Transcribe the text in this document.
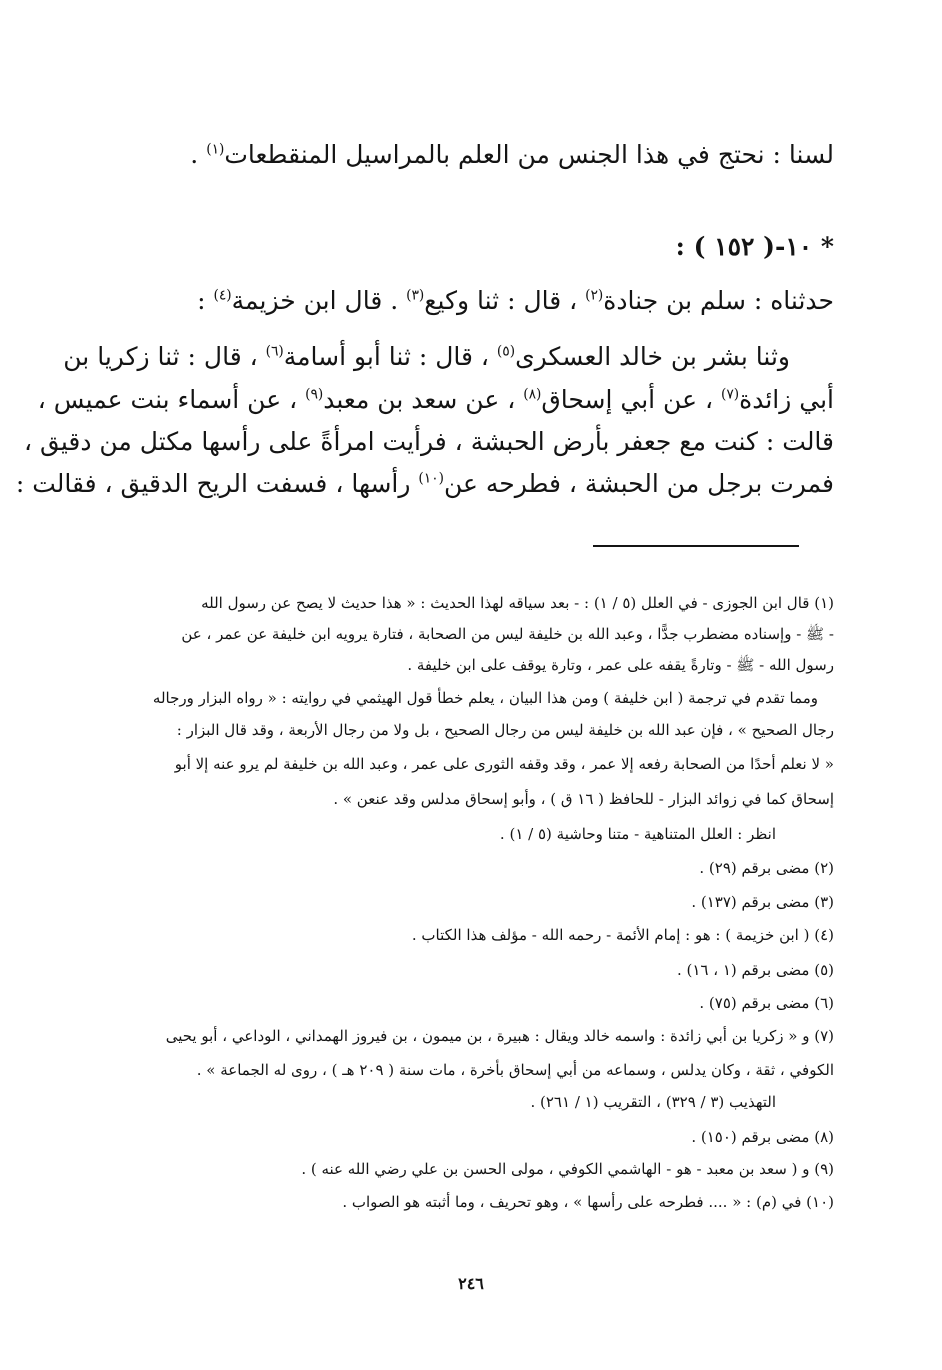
لسنا : نحتج في هذا الجنس من العلم بالمراسيل المنقطعات$^{(١)}$ .
* ١٠-( ١٥٢ ) :
حدثناه : سلم بن جنادة$^{(٢)}$ ، قال : ثنا وكيع$^{(٣)}$ . قال ابن خزيمة$^{(٤)}$ :
وثنا بشر بن خالد العسكرى$^{(٥)}$ ، قال : ثنا أبو أسامة$^{(٦)}$ ، قال : ثنا زكريا بن
أبي زائدة$^{(٧)}$ ، عن أبي إسحاق$^{(٨)}$ ، عن سعد بن معبد$^{(٩)}$ ، عن أسماء بنت عميس ،
قالت : كنت مع جعفر بأرض الحبشة ، فرأيت امرأةً على رأسها مكتل من دقيق ،
فمرت برجل من الحبشة ، فطرحه عن$^{(١٠)}$ رأسها ، فسفت الريح الدقيق ، فقالت :
(١) قال ابن الجوزى - في العلل (٥ / ١) : - بعد سياقه لهذا الحديث : « هذا حديث لا يصح عن رسول الله
- ﷺ - وإسناده مضطرب جدًّا ، وعبد الله بن خليفة ليس من الصحابة ، فتارة يرويه ابن خليفة عن عمر ، عن
رسول الله - ﷺ - وتارةً يقفه على عمر ، وتارة يوقف على ابن خليفة .
ومما تقدم في ترجمة ( ابن خليفة ) ومن هذا البيان ، يعلم خطأ قول الهيثمي في روايته : « رواه البزار ورجاله
رجال الصحيح » ، فإن عبد الله بن خليفة ليس من رجال الصحيح ، بل ولا من رجال الأربعة ، وقد قال البزار :
« لا نعلم أحدًا من الصحابة رفعه إلا عمر ، وقد وقفه الثورى على عمر ، وعبد الله بن خليفة لم يرو عنه إلا أبو
إسحاق كما في زوائد البزار - للحافظ ( ١٦ ق ) ، وأبو إسحاق مدلس وقد عنعن » .
انظر : العلل المتناهية - متنا وحاشية (٥ / ١) .
(٢) مضى برقم (٢٩) .
(٣) مضى برقم (١٣٧) .
(٤) ( ابن خزيمة ) : هو : إمام الأئمة - رحمه الله - مؤلف هذا الكتاب .
(٥) مضى برقم (١ ، ١٦) .
(٦) مضى برقم (٧٥) .
(٧) و « زكريا بن أبي زائدة : واسمه خالد ويقال : هبيرة ، بن ميمون ، بن فيروز الهمداني ، الوداعي ، أبو يحيى
الكوفي ، ثقة ، وكان يدلس ، وسماعه من أبي إسحاق بأخرة ، مات سنة ( ٢٠٩ هـ ) ، روى له الجماعة » .
التهذيب (٣ / ٣٢٩) ، التقريب (١ / ٢٦١) .
(٨) مضى برقم (١٥٠) .
(٩) و ( سعد بن معبد - هو - الهاشمي الكوفي ، مولى الحسن بن علي رضي الله عنه ) .
(١٠) في (م) : « .... فطرحه على رأسها » ، وهو تحريف ، وما أثبته هو الصواب .
٢٤٦
